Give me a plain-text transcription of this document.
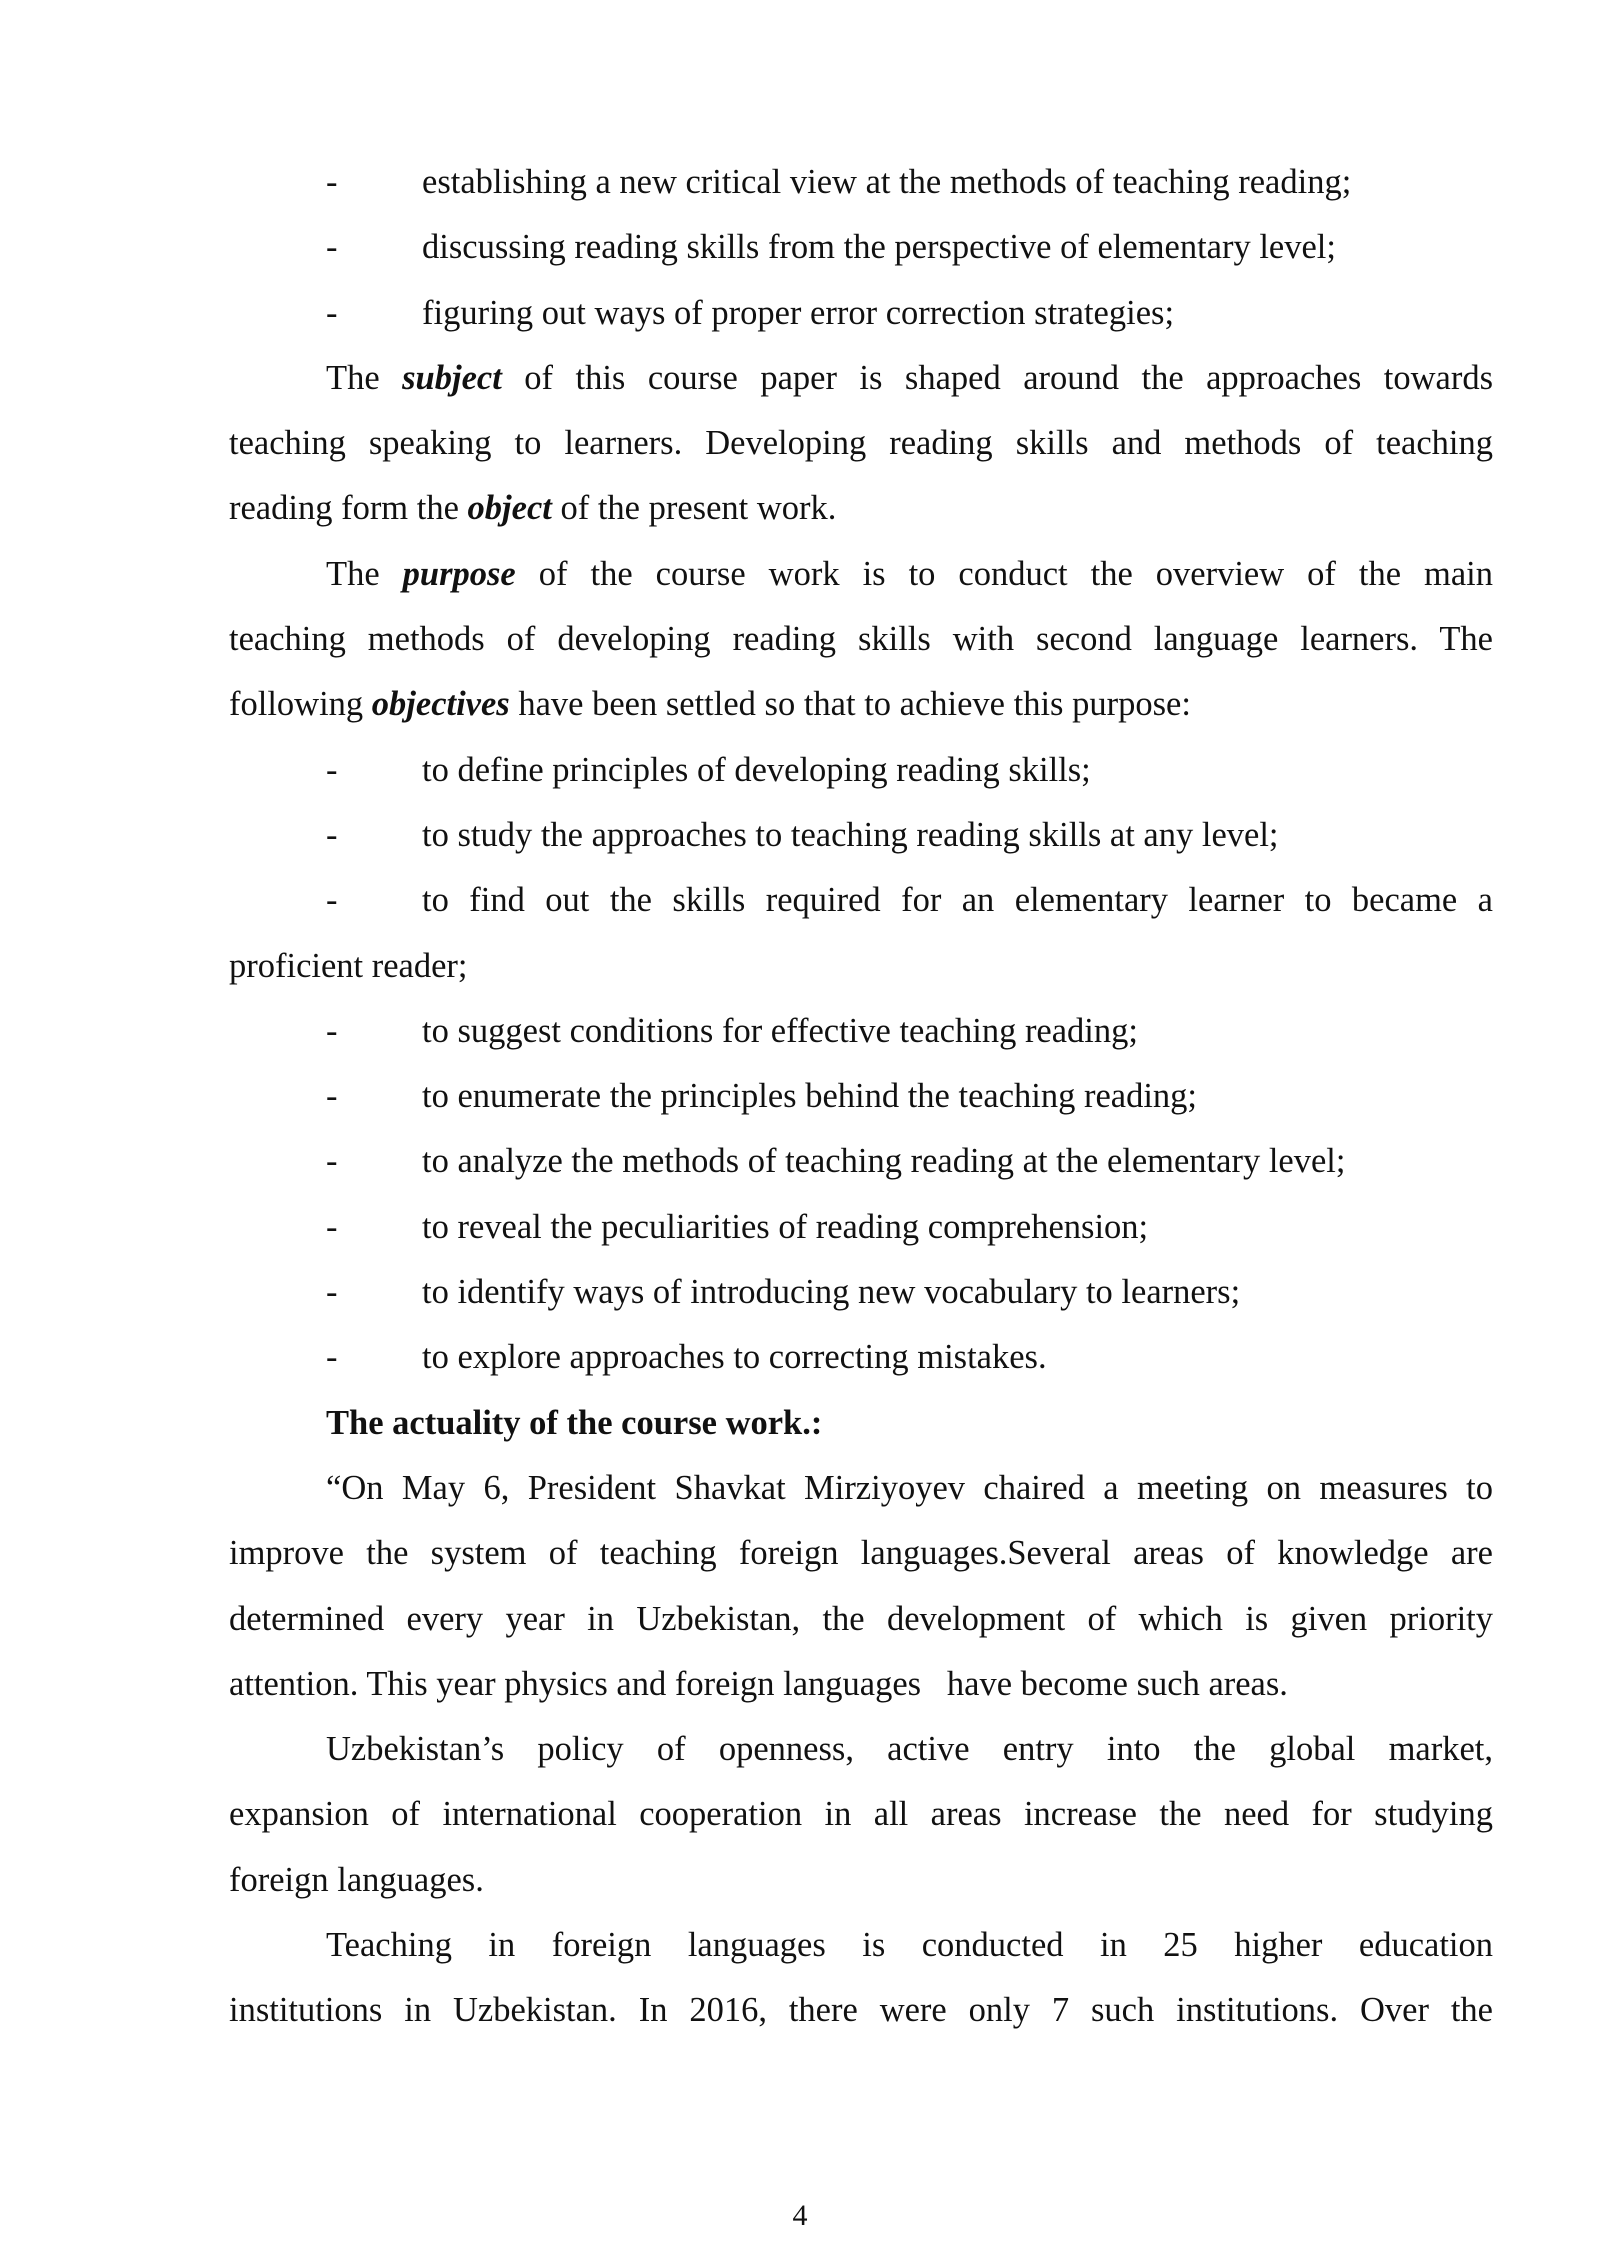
-	establishing a new critical view at the methods of teaching reading;
-	discussing reading skills from the perspective of elementary level;
-	figuring out ways of proper error correction strategies;
The subject of this course paper is shaped around the approaches towards
teaching speaking to learners. Developing reading skills and methods of teaching
reading form the object of the present work.
The purpose of the course work is to conduct the overview of the main
teaching methods of developing reading skills with second language learners. The
following objectives have been settled so that to achieve this purpose:
-	to define principles of developing reading skills;
-	to study the approaches to teaching reading skills at any level;
-	to find out the skills required for an elementary learner to became a
proficient reader;
-	to suggest conditions for effective teaching reading;
-	to enumerate the principles behind the teaching reading;
-	to analyze the methods of teaching reading at the elementary level;
-	to reveal the peculiarities of reading comprehension;
-	to identify ways of introducing new vocabulary to learners;
-	to explore approaches to correcting mistakes.
The actuality of the course work.:
“On May 6, President Shavkat Mirziyoyev chaired a meeting on measures to
improve the system of teaching foreign languages.Several areas of knowledge are
determined every year in Uzbekistan, the development of which is given priority
attention. This year physics and foreign languages   have become such areas.
Uzbekistan’s policy of openness, active entry into the global market,
expansion of international cooperation in all areas increase the need for studying
foreign languages.
Teaching in foreign languages is conducted in 25 higher education
institutions in Uzbekistan. In 2016, there were only 7 such institutions. Over the
4
